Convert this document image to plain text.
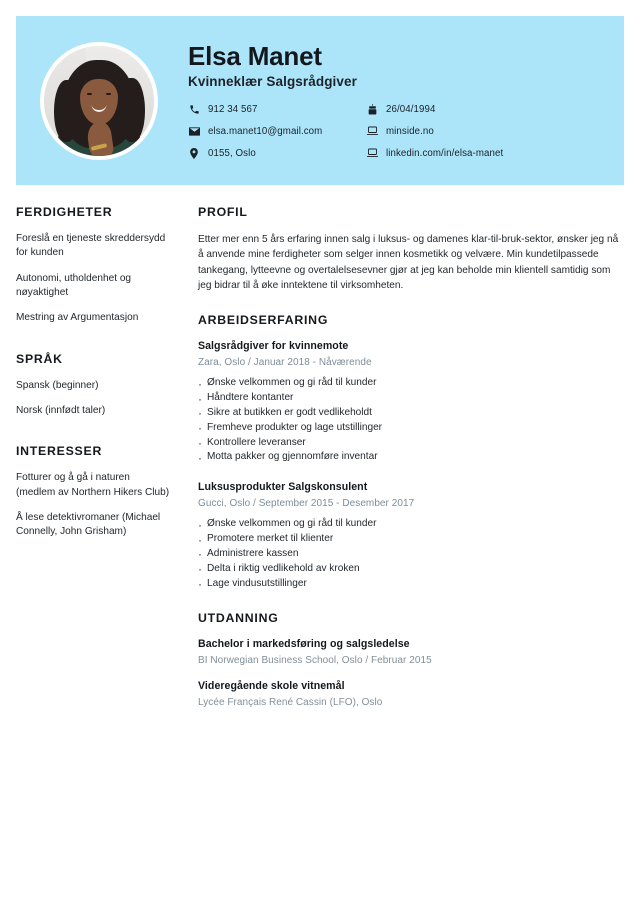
Elsa Manet
Kvinneklær Salgsrådgiver
912 34 567	26/04/1994
elsa.manet10@gmail.com	minside.no
0155, Oslo	linkedin.com/in/elsa-manet
FERDIGHETER

Foreslå en tjeneste skreddersydd for kunden

Autonomi, utholdenhet og nøyaktighet

Mestring av Argumentasjon

SPRÅK

Spansk (beginner)

Norsk (innfødt taler)

INTERESSER

Fotturer og å gå i naturen (medlem av Northern Hikers Club)

Å lese detektivromaner (Michael Connelly, John Grisham)

PROFIL

Etter mer enn 5 års erfaring innen salg i luksus- og damenes klar-til-bruk-sektor, ønsker jeg nå å anvende mine ferdigheter som selger innen kosmetikk og velvære. Min kundetilpassede tankegang, lytteevne og overtalelsesevner gjør at jeg kan beholde min klientell samtidig som jeg bidrar til å øke inntektene til virksomheten.

ARBEIDSERFARING
Salgsrådgiver for kvinnemote
Zara, Oslo / Januar 2018 - Nåværende
· Ønske velkommen og gi råd til kunder
· Håndtere kontanter
· Sikre at butikken er godt vedlikeholdt
· Fremheve produkter og lage utstillinger
· Kontrollere leveranser
· Motta pakker og gjennomføre inventar
Luksusprodukter Salgskonsulent
Gucci, Oslo / September 2015 - Desember 2017
· Ønske velkommen og gi råd til kunder
· Promotere merket til klienter
· Administrere kassen
· Delta i riktig vedlikehold av kroken
· Lage vindusutstillinger
UTDANNING
Bachelor i markedsføring og salgsledelse
BI Norwegian Business School, Oslo / Februar 2015
Videregående skole vitnemål
Lycée Français René Cassin (LFO), Oslo
